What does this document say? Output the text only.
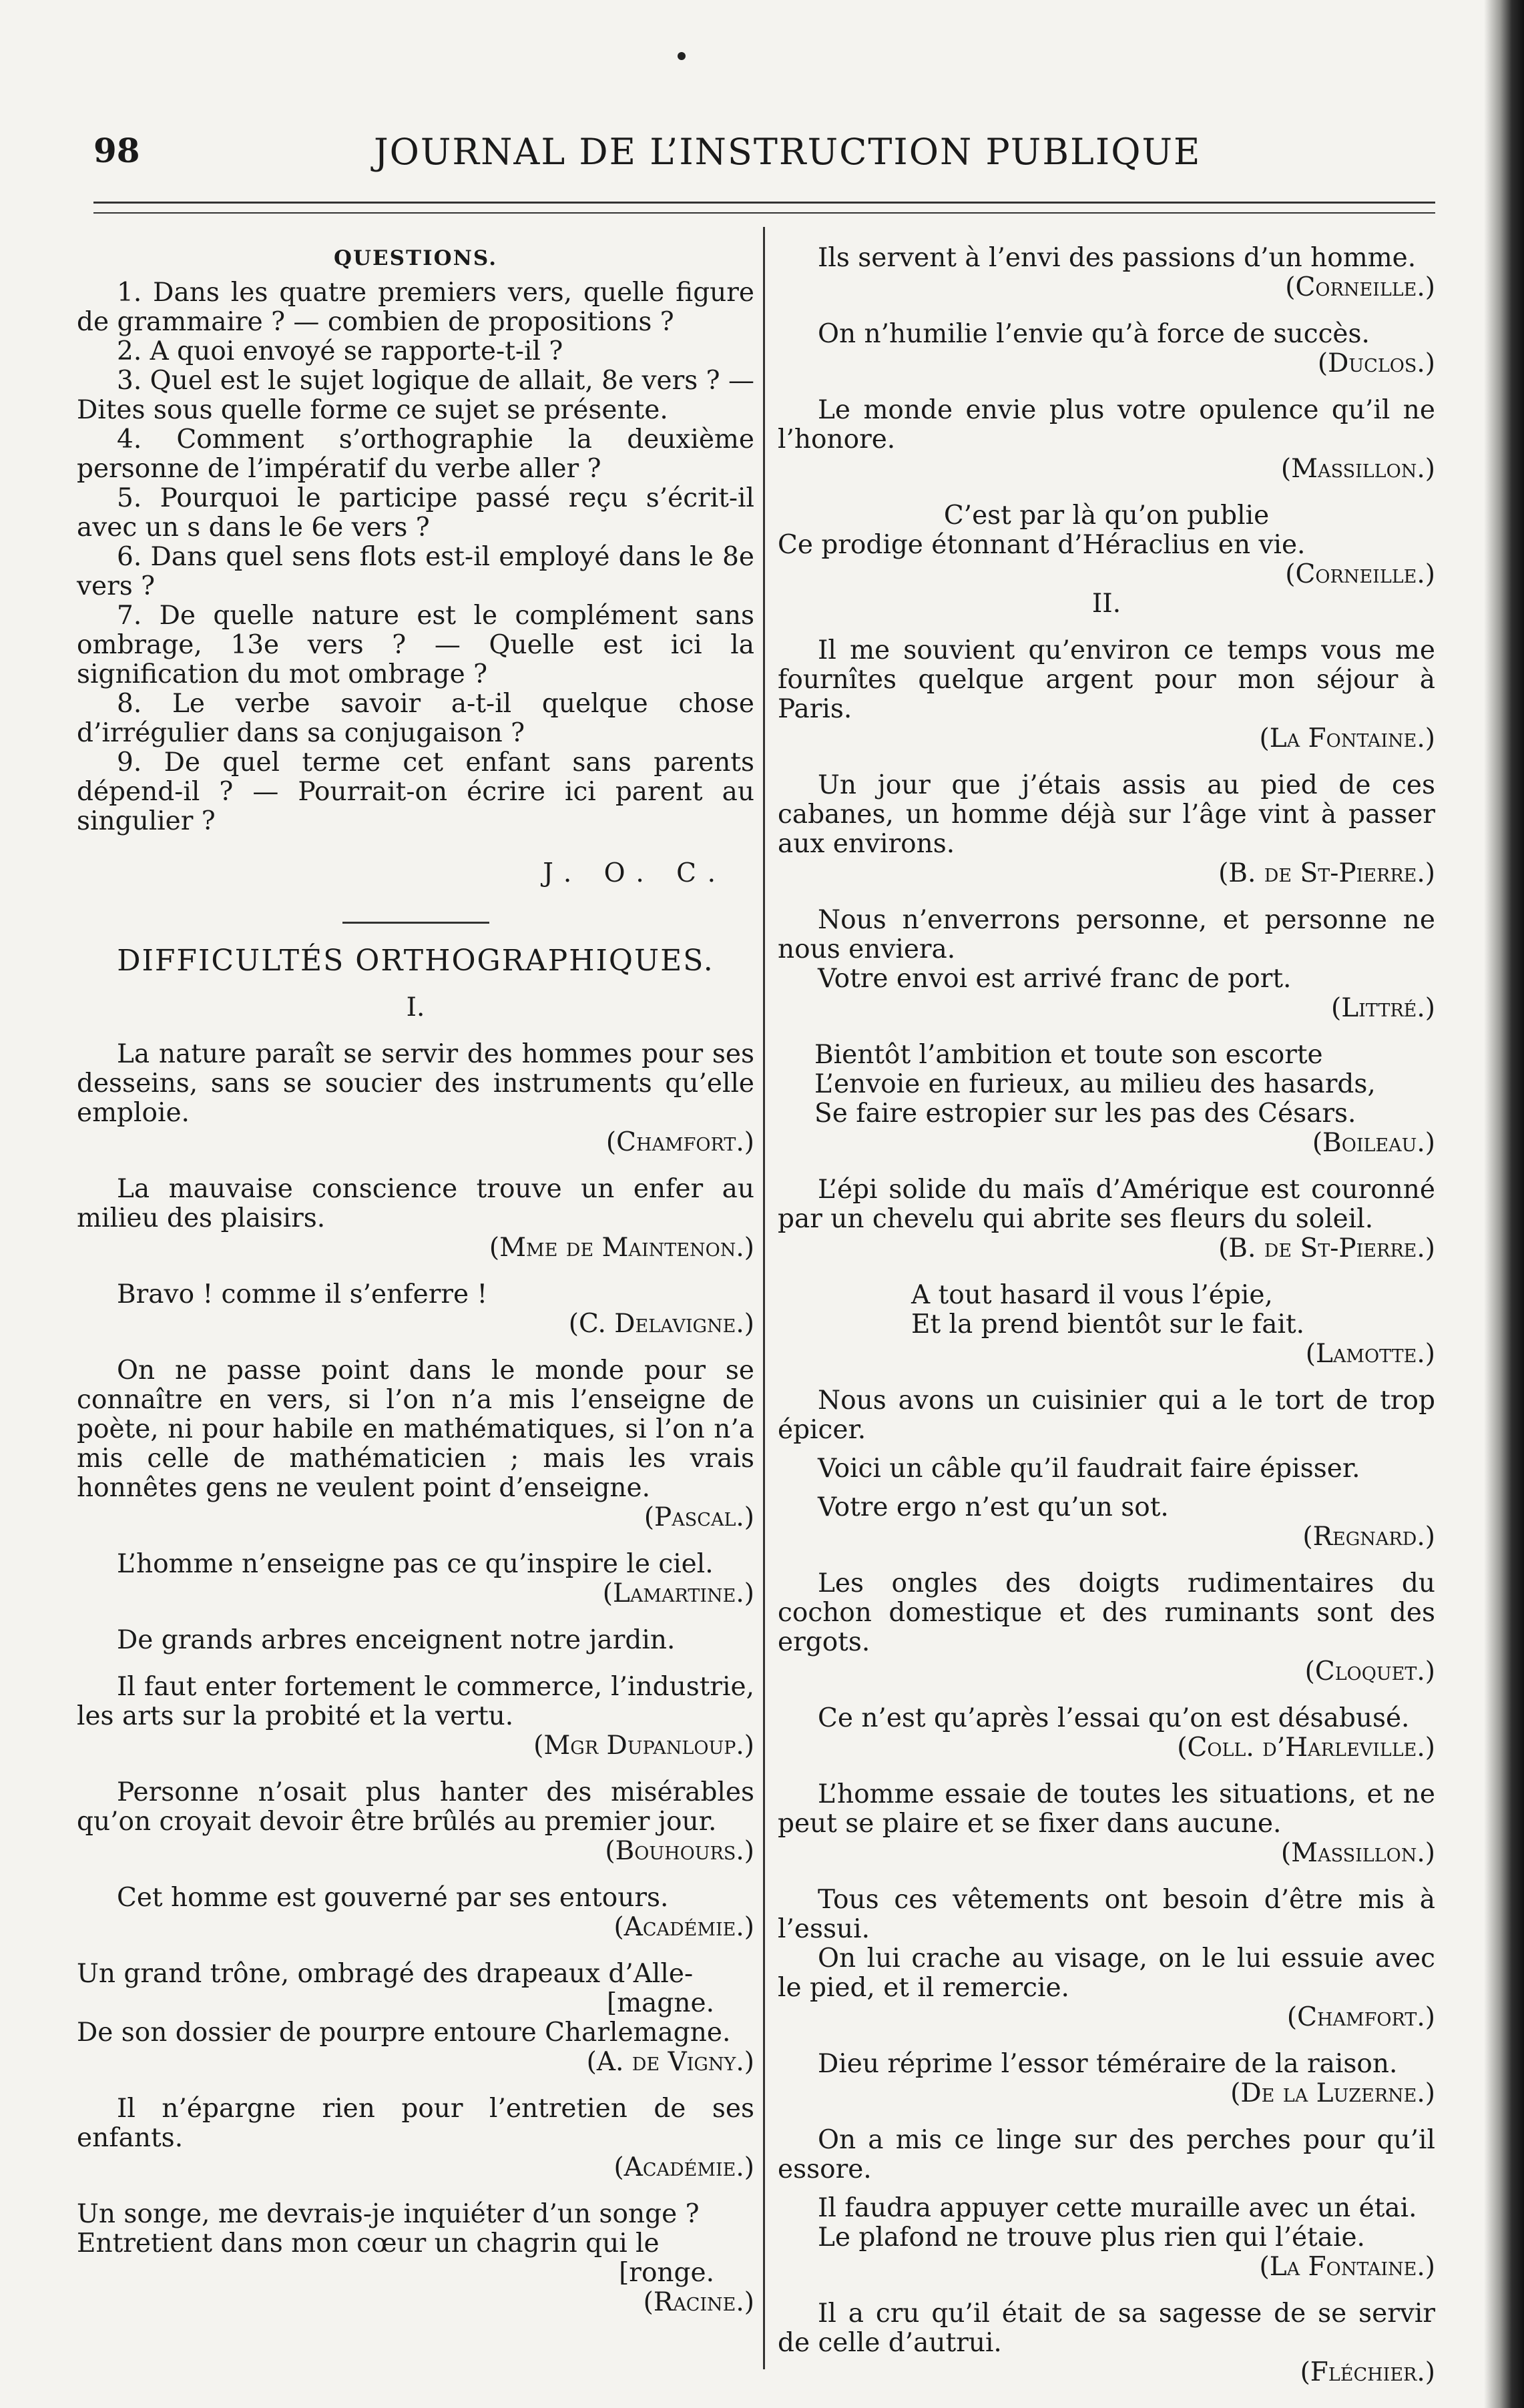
98	JOURNAL DE L’INSTRUCTION PUBLIQUE
QUESTIONS.

1. Dans les quatre premiers vers, quelle figure de grammaire ? — combien de propositions ?

2. A quoi envoyé se rapporte-t-il ?

3. Quel est le sujet logique de allait, 8e vers ? — Dites sous quelle forme ce sujet se présente.

4. Comment s’orthographie la deuxième personne de l’impératif du verbe aller ?

5. Pourquoi le participe passé reçu s’écrit-il avec un s dans le 6e vers ?

6. Dans quel sens flots est-il employé dans le 8e vers ?

7. De quelle nature est le complément sans ombrage, 13e vers ? — Quelle est ici la signification du mot ombrage ?

8. Le verbe savoir a-t-il quelque chose d’irrégulier dans sa conjugaison ?

9. De quel terme cet enfant sans parents dépend-il ? — Pourrait-on écrire ici parent au singulier ?

J. O. C.
DIFFICULTÉS ORTHOGRAPHIQUES.
I.

La nature paraît se servir des hommes pour ses desseins, sans se soucier des instruments qu’elle emploie.

(Chamfort.)

La mauvaise conscience trouve un enfer au milieu des plaisirs.

(Mme de Maintenon.)

Bravo ! comme il s’enferre !

(C. Delavigne.)

On ne passe point dans le monde pour se connaître en vers, si l’on n’a mis l’enseigne de poète, ni pour habile en mathématiques, si l’on n’a mis celle de mathématicien ; mais les vrais honnêtes gens ne veulent point d’enseigne.

(Pascal.)

L’homme n’enseigne pas ce qu’inspire le ciel.

(Lamartine.)

De grands arbres enceignent notre jardin.

Il faut enter fortement le commerce, l’industrie, les arts sur la probité et la vertu.

(Mgr Dupanloup.)

Personne n’osait plus hanter des misérables qu’on croyait devoir être brûlés au premier jour.

(Bouhours.)

Cet homme est gouverné par ses entours.

(Académie.)

Un grand trône, ombragé des drapeaux d’Alle-

[magne.

De son dossier de pourpre entoure Charlemagne.

(A. de Vigny.)

Il n’épargne rien pour l’entretien de ses enfants.

(Académie.)

Un songe, me devrais-je inquiéter d’un songe ?

Entretient dans mon cœur un chagrin qui le

[ronge.

(Racine.)

Ils servent à l’envi des passions d’un homme.

(Corneille.)

On n’humilie l’envie qu’à force de succès.

(Duclos.)

Le monde envie plus votre opulence qu’il ne l’honore.

(Massillon.)

C’est par là qu’on publie

Ce prodige étonnant d’Héraclius en vie.

(Corneille.)
II.

Il me souvient qu’environ ce temps vous me fournîtes quelque argent pour mon séjour à Paris.

(La Fontaine.)

Un jour que j’étais assis au pied de ces cabanes, un homme déjà sur l’âge vint à passer aux environs.

(B. de St-Pierre.)

Nous n’enverrons personne, et personne ne nous enviera.

Votre envoi est arrivé franc de port.

(Littré.)

Bientôt l’ambition et toute son escorte

L’envoie en furieux, au milieu des hasards,

Se faire estropier sur les pas des Césars.

(Boileau.)

L’épi solide du maïs d’Amérique est couronné par un chevelu qui abrite ses fleurs du soleil.

(B. de St-Pierre.)

A tout hasard il vous l’épie,

Et la prend bientôt sur le fait.

(Lamotte.)

Nous avons un cuisinier qui a le tort de trop épicer.

Voici un câble qu’il faudrait faire épisser.

Votre ergo n’est qu’un sot.

(Regnard.)

Les ongles des doigts rudimentaires du cochon domestique et des ruminants sont des ergots.

(Cloquet.)

Ce n’est qu’après l’essai qu’on est désabusé.

(Coll. d’Harleville.)

L’homme essaie de toutes les situations, et ne peut se plaire et se fixer dans aucune.

(Massillon.)

Tous ces vêtements ont besoin d’être mis à l’essui.

On lui crache au visage, on le lui essuie avec le pied, et il remercie.

(Chamfort.)

Dieu réprime l’essor téméraire de la raison.

(De la Luzerne.)

On a mis ce linge sur des perches pour qu’il essore.

Il faudra appuyer cette muraille avec un étai.

Le plafond ne trouve plus rien qui l’étaie.

(La Fontaine.)

Il a cru qu’il était de sa sagesse de se servir de celle d’autrui.

(Fléchier.)
